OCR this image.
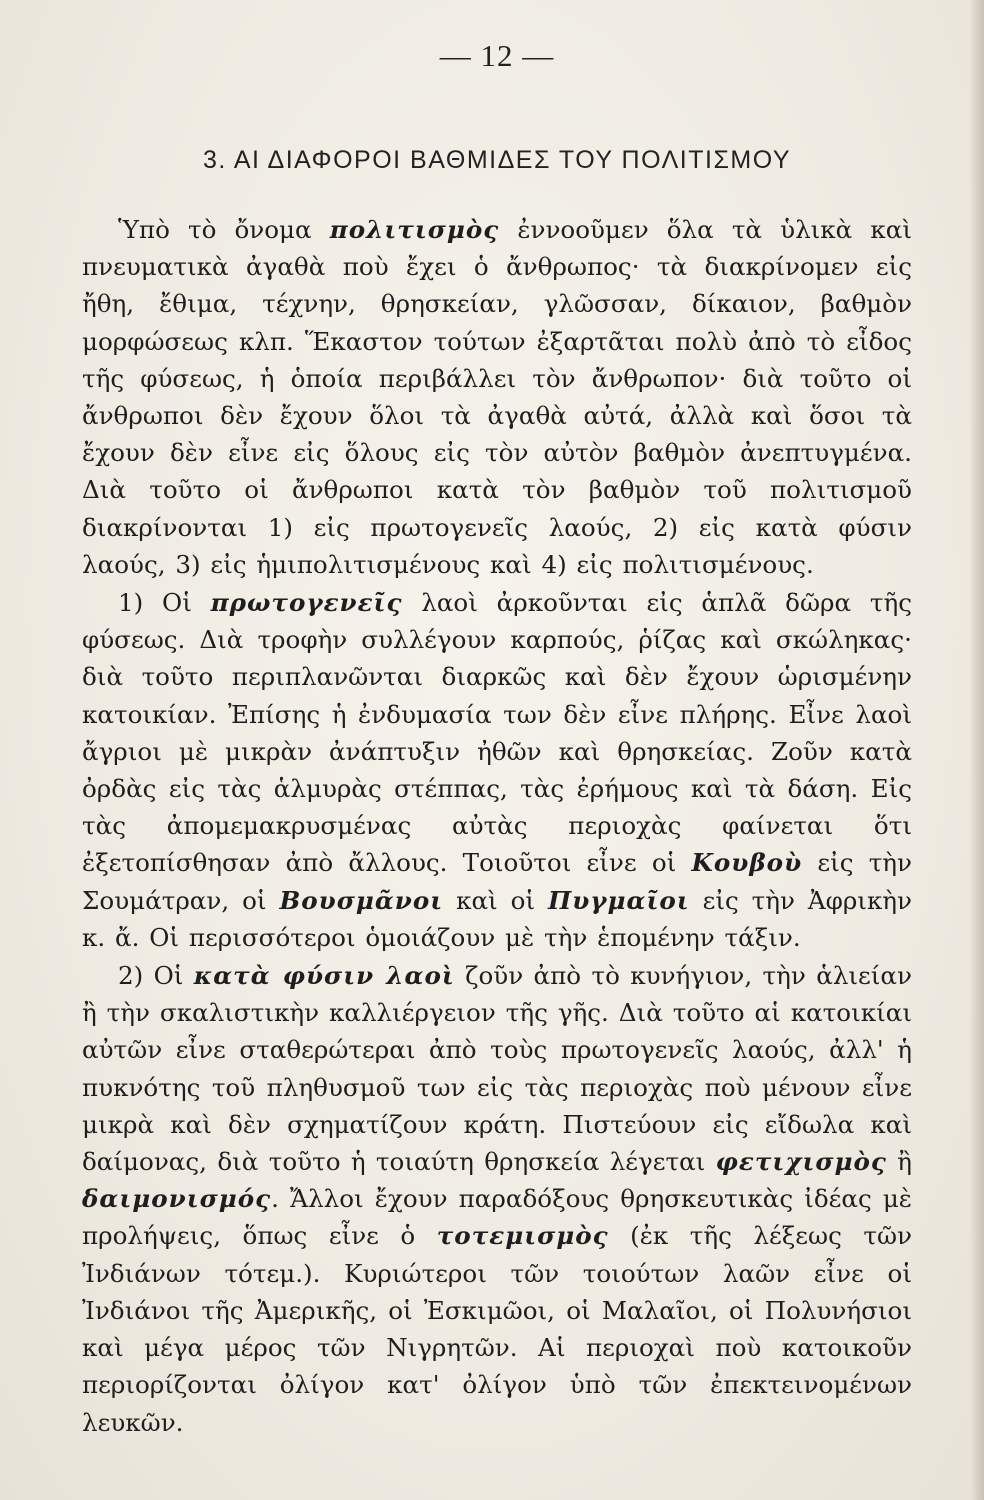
— 12 —
3. ΑΙ ΔΙΑΦΟΡΟΙ ΒΑΘΜΙΔΕΣ ΤΟΥ ΠΟΛΙΤΙΣΜΟΥ

Ὑπὸ τὸ ὄνομα πολιτισμὸς ἐννοοῦμεν ὅλα τὰ ὑλικὰ καὶ πνευματικὰ ἀγαθὰ ποὺ ἔχει ὁ ἄνθρωπος· τὰ διακρίνομεν εἰς ἤθη, ἔθιμα, τέχνην, θρησκείαν, γλῶσσαν, δίκαιον, βαθμὸν μορφώσεως κλπ. Ἕκαστον τούτων ἐξαρτᾶται πολὺ ἀπὸ τὸ εἶδος τῆς φύσεως, ἡ ὁποία περιβάλλει τὸν ἄνθρωπον· διὰ τοῦτο οἱ ἄνθρωποι δὲν ἔχουν ὅλοι τὰ ἀγαθὰ αὐτά, ἀλλὰ καὶ ὅσοι τὰ ἔχουν δὲν εἶνε εἰς ὅλους εἰς τὸν αὐτὸν βαθμὸν ἀνεπτυγμένα. Διὰ τοῦτο οἱ ἄνθρωποι κατὰ τὸν βαθμὸν τοῦ πολιτισμοῦ διακρίνονται 1) εἰς πρωτογενεῖς λαούς, 2) εἰς κατὰ φύσιν λαούς, 3) εἰς ἡμιπολιτισμένους καὶ 4) εἰς πολιτισμένους.

1) Οἱ πρωτογενεῖς λαοὶ ἀρκοῦνται εἰς ἁπλᾶ δῶρα τῆς φύσεως. Διὰ τροφὴν συλλέγουν καρπούς, ῥίζας καὶ σκώληκας· διὰ τοῦτο περιπλανῶνται διαρκῶς καὶ δὲν ἔχουν ὡρισμένην κατοικίαν. Ἐπίσης ἡ ἐνδυμασία των δὲν εἶνε πλήρης. Εἶνε λαοὶ ἄγριοι μὲ μικρὰν ἀνάπτυξιν ἠθῶν καὶ θρησκείας. Ζοῦν κατὰ ὀρδὰς εἰς τὰς ἁλμυρὰς στέππας, τὰς ἐρήμους καὶ τὰ δάση. Εἰς τὰς ἀπομεμακρυσμένας αὐτὰς περιοχὰς φαίνεται ὅτι ἐξετοπίσθησαν ἀπὸ ἄλλους. Τοιοῦτοι εἶνε οἱ Κουβοὺ εἰς τὴν Σουμάτραν, οἱ Βουσμᾶνοι καὶ οἱ Πυγμαῖοι εἰς τὴν Ἀφρικὴν κ. ἄ. Οἱ περισσότεροι ὁμοιάζουν μὲ τὴν ἑπομένην τάξιν.

2) Οἱ κατὰ φύσιν λαοὶ ζοῦν ἀπὸ τὸ κυνήγιον, τὴν ἁλιείαν ἢ τὴν σκαλιστικὴν καλλιέργειον τῆς γῆς. Διὰ τοῦτο αἱ κατοικίαι αὐτῶν εἶνε σταθερώτεραι ἀπὸ τοὺς πρωτογενεῖς λαούς, ἀλλ' ἡ πυκνότης τοῦ πληθυσμοῦ των εἰς τὰς περιοχὰς ποὺ μένουν εἶνε μικρὰ καὶ δὲν σχηματίζουν κράτη. Πιστεύουν εἰς εἴδωλα καὶ δαίμονας, διὰ τοῦτο ἡ τοιαύτη θρησκεία λέγεται φετιχισμὸς ἢ δαιμονισμός. Ἄλλοι ἔχουν παραδόξους θρησκευτικὰς ἰδέας μὲ προλήψεις, ὅπως εἶνε ὁ τοτεμισμὸς (ἐκ τῆς λέξεως τῶν Ἰνδιάνων τότεμ.). Κυριώτεροι τῶν τοιούτων λαῶν εἶνε οἱ Ἰνδιάνοι τῆς Ἀμερικῆς, οἱ Ἐσκιμῶοι, οἱ Μαλαῖοι, οἱ Πολυνήσιοι καὶ μέγα μέρος τῶν Νιγρητῶν. Αἱ περιοχαὶ ποὺ κατοικοῦν περιορίζονται ὀλίγον κατ' ὀλίγον ὑπὸ τῶν ἐπεκτεινομένων λευκῶν.
